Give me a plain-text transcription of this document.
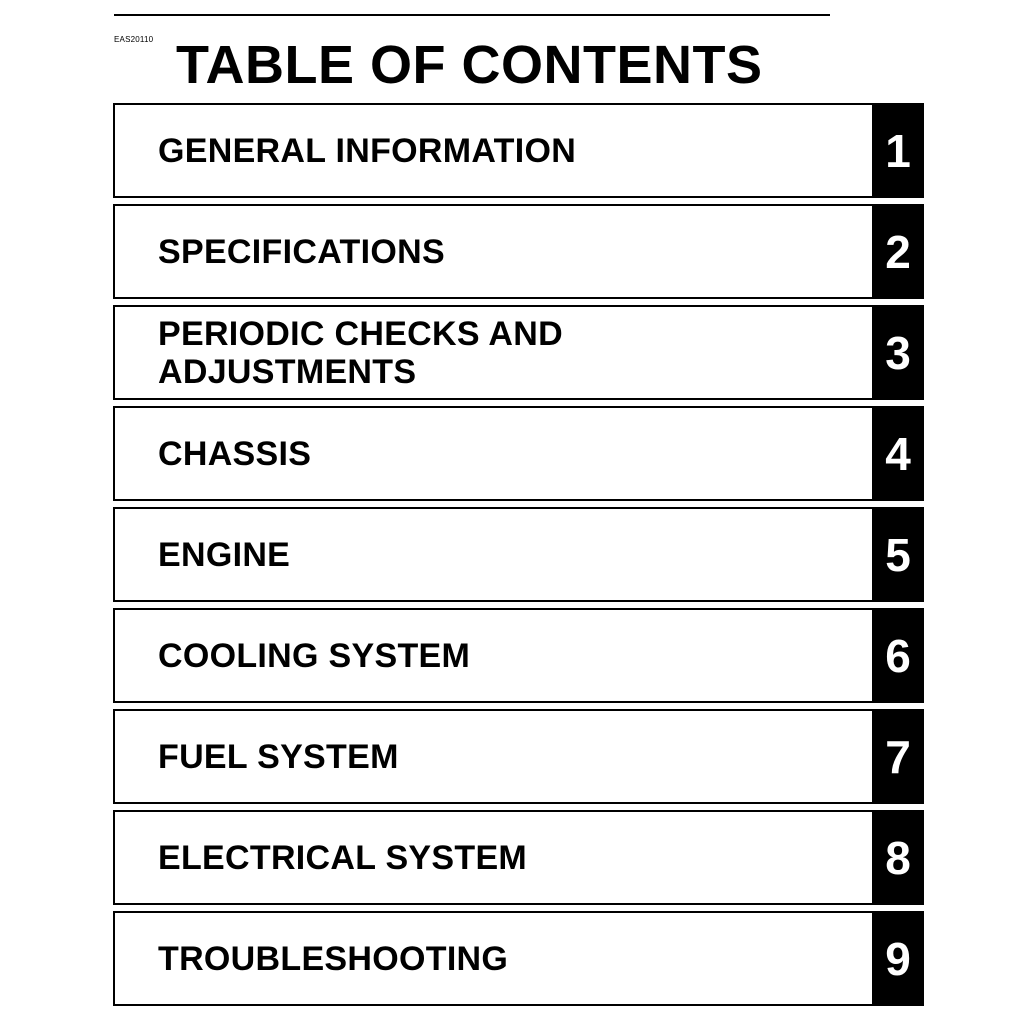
EAS20110 TABLE OF CONTENTS
GENERAL INFORMATION	1
SPECIFICATIONS	2
PERIODIC CHECKS AND
ADJUSTMENTS	3
CHASSIS	4
ENGINE	5
COOLING SYSTEM	6
FUEL SYSTEM	7
ELECTRICAL SYSTEM	8
TROUBLESHOOTING	9
